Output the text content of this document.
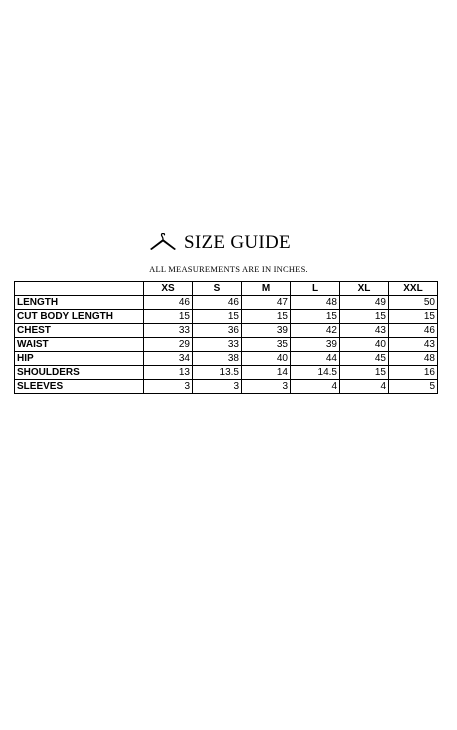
SIZE GUIDE
ALL MEASUREMENTS ARE IN INCHES.
	XS	S	M	L	XL	XXL
LENGTH	46	46	47	48	49	50
CUT BODY LENGTH	15	15	15	15	15	15
CHEST	33	36	39	42	43	46
WAIST	29	33	35	39	40	43
HIP	34	38	40	44	45	48
SHOULDERS	13	13.5	14	14.5	15	16
SLEEVES	3	3	3	4	4	5
